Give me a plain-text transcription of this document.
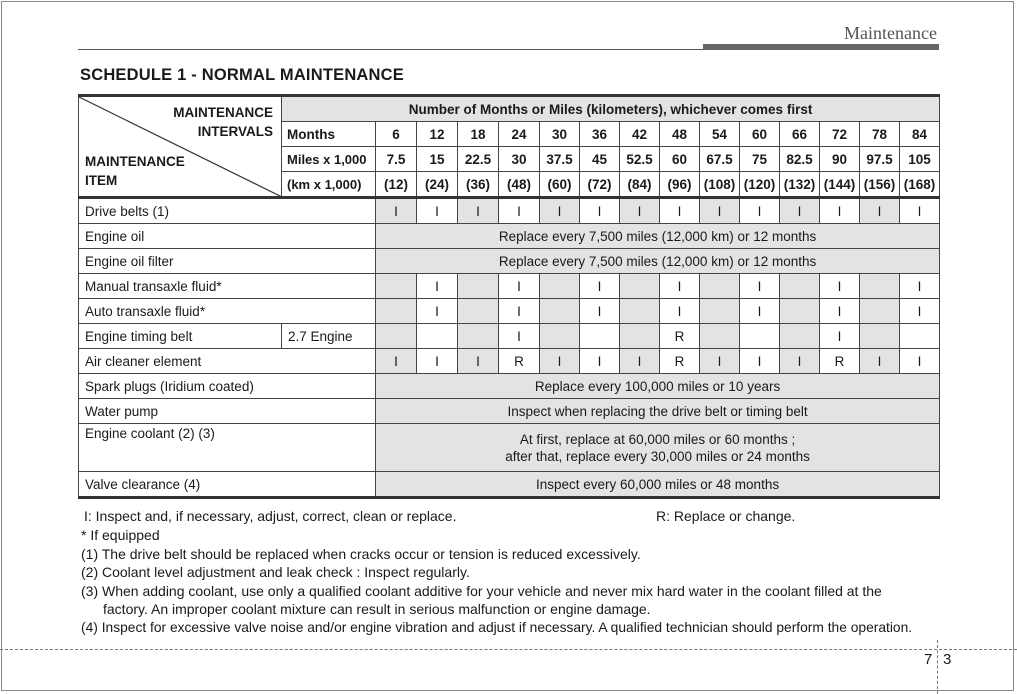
Maintenance
SCHEDULE 1 - NORMAL MAINTENANCE
MAINTENANCE
INTERVALS
MAINTENANCE
ITEM	Number of Months or Miles (kilometers), whichever comes first														
	Months	6	12	18	24	30	36	42	48	54	60	66	72	78	84
	Miles x 1,000	7.5	15	22.5	30	37.5	45	52.5	60	67.5	75	82.5	90	97.5	105
	(km x 1,000)	(12)	(24)	(36)	(48)	(60)	(72)	(84)	(96)	(108)	(120)	(132)	(144)	(156)	(168)
Drive belts (1)		I	I	I	I	I	I	I	I	I	I	I	I	I	I
Engine oil		Replace every 7,500 miles (12,000 km) or 12 months													

Engine oil filter		Replace every 7,500 miles (12,000 km) or 12 months													

Manual transaxle fluid*			I		I		I		I		I		I		I
Auto transaxle fluid*			I		I		I		I		I		I		I
Engine timing belt	2.7 Engine				I				R				I		
Air cleaner element		I	I	I	R	I	I	I	R	I	I	I	R	I	I
Spark plugs (Iridium coated)		Replace every 100,000 miles or 10 years													

Water pump		Inspect when replacing the drive belt or timing belt													

Engine coolant (2) (3)		At first, replace at 60,000 miles or 60 months ;
after that, replace every 30,000 miles or 24 months													

Valve clearance (4)		Inspect every 60,000 miles or 48 months													
I: Inspect and, if necessary, adjust, correct, clean or replace.	R: Replace or change.
* If equipped
(1) The drive belt should be replaced when cracks occur or tension is reduced excessively.
(2) Coolant level adjustment and leak check : Inspect regularly.
(3) When adding coolant, use only a qualified coolant additive for your vehicle and never mix hard water in the coolant filled at the
factory. An improper coolant mixture can result in serious malfunction or engine damage.
(4) Inspect for excessive valve noise and/or engine vibration and adjust if necessary. A qualified technician should perform the operation.
7 3
